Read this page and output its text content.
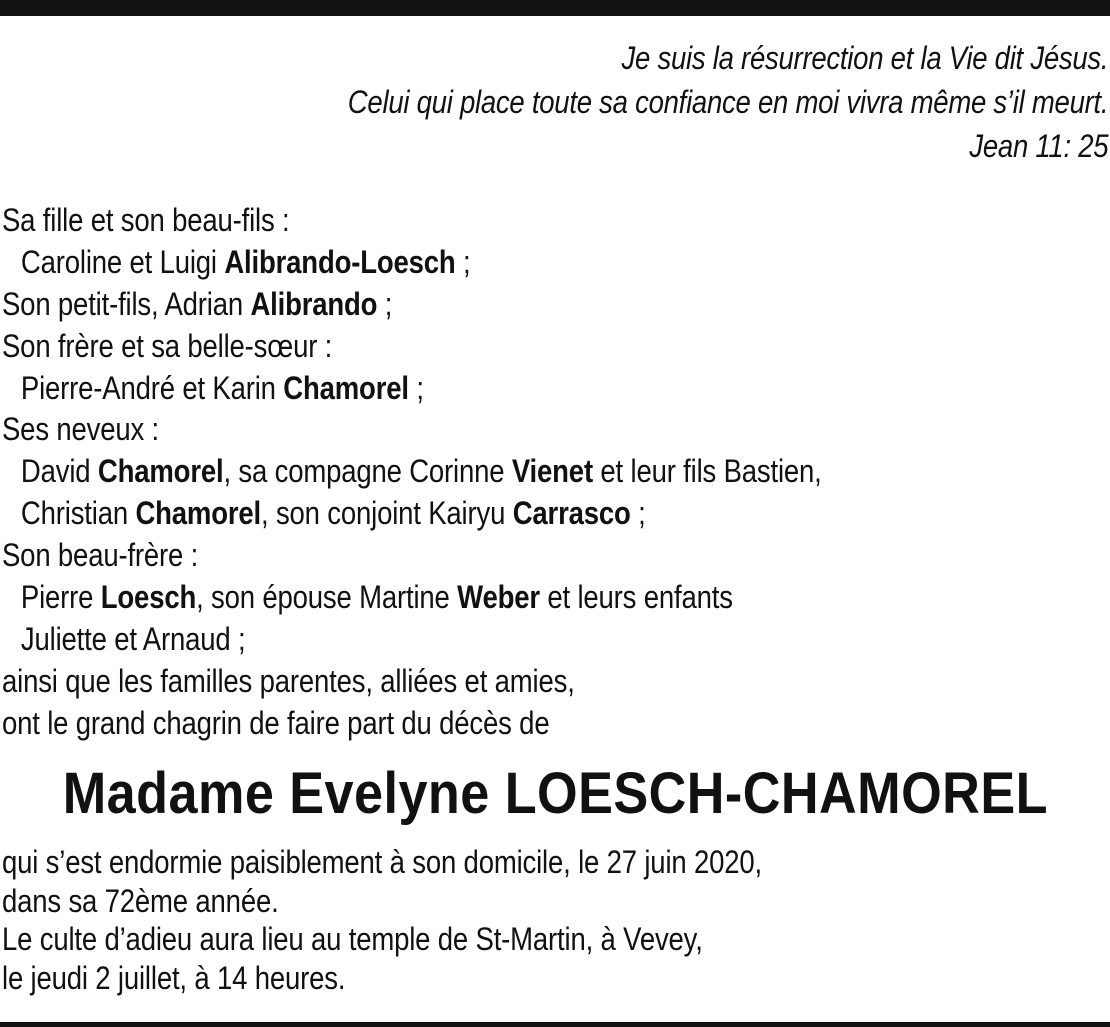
Je suis la résurrection et la Vie dit Jésus.
Celui qui place toute sa confiance en moi vivra même s’il meurt.
Jean 11: 25
Sa fille et son beau-fils :
Caroline et Luigi Alibrando-Loesch ;
Son petit-fils, Adrian Alibrando ;
Son frère et sa belle-sœur :
Pierre-André et Karin Chamorel ;
Ses neveux :
David Chamorel, sa compagne Corinne Vienet et leur fils Bastien,
Christian Chamorel, son conjoint Kairyu Carrasco ;
Son beau-frère :
Pierre Loesch, son épouse Martine Weber et leurs enfants
Juliette et Arnaud ;
ainsi que les familles parentes, alliées et amies,
ont le grand chagrin de faire part du décès de
Madame Evelyne LOESCH-CHAMOREL
qui s’est endormie paisiblement à son domicile, le 27 juin 2020,
dans sa 72ème année.
Le culte d’adieu aura lieu au temple de St-Martin, à Vevey,
le jeudi 2 juillet, à 14 heures.
